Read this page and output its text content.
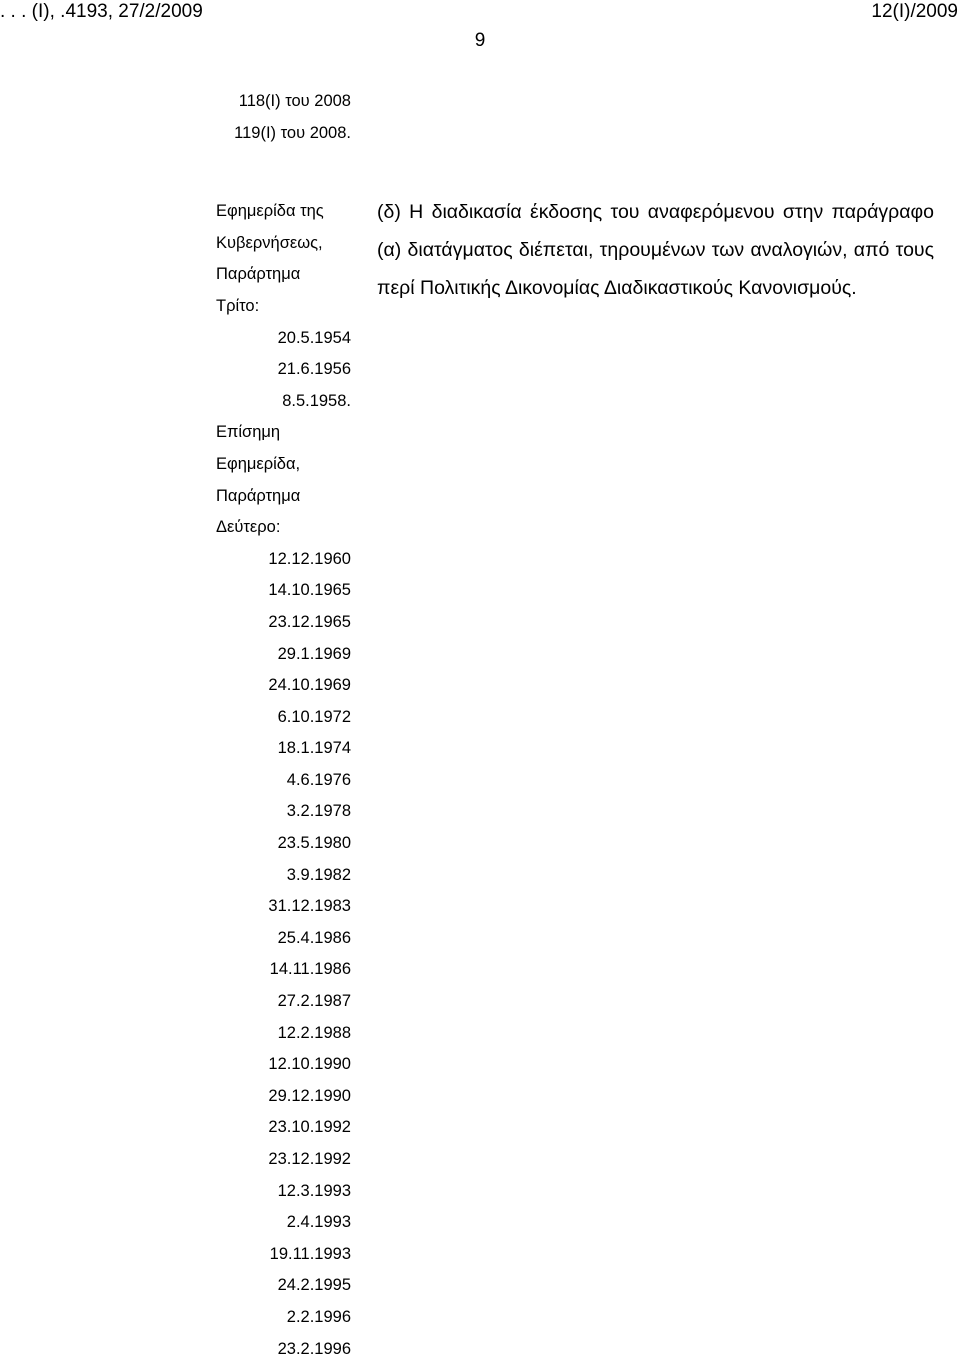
. . . (I), .4193, 27/2/2009	12(I)/2009
9
118(I) του 2008
119(I) του 2008.
Εφημερίδα της
Κυβερνήσεως,
Παράρτημα
Τρίτο:
20.5.1954
21.6.1956
8.5.1958.
Επίσημη
Εφημερίδα,
Παράρτημα
Δεύτερο:
12.12.1960
14.10.1965
23.12.1965
29.1.1969
24.10.1969
6.10.1972
18.1.1974
4.6.1976
3.2.1978
23.5.1980
3.9.1982
31.12.1983
25.4.1986
14.11.1986
27.2.1987
12.2.1988
12.10.1990
29.12.1990
23.10.1992
23.12.1992
12.3.1993
2.4.1993
19.11.1993
24.2.1995
2.2.1996
23.2.1996
(δ) Η διαδικασία έκδοσης του αναφερόμενου στην παράγραφο (α) διατάγματος διέπεται, τηρουμένων των αναλογιών, από τους περί Πολιτικής Δικονομίας Διαδικαστικούς Κανονισμούς.
